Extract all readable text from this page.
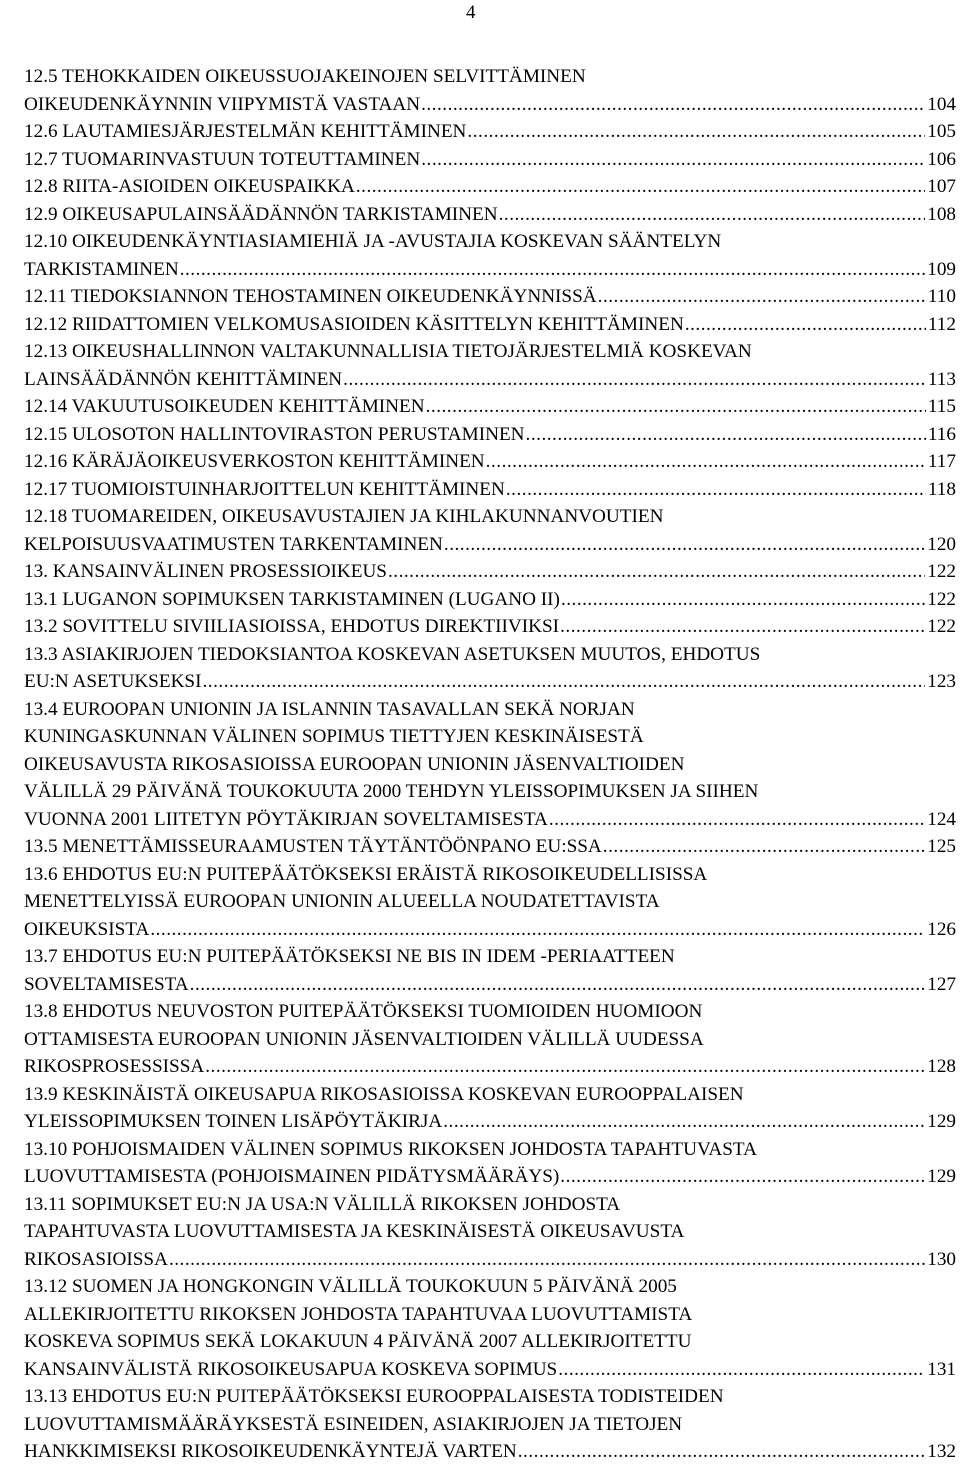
4
12.5 TEHOKKAIDEN OIKEUSSUOJAKEINOJEN SELVITTÄMINEN
OIKEUDENKÄYNNIN VIIPYMISTÄ VASTAAN .....	104
12.6 LAUTAMIESJÄRJESTELMÄN KEHITTÄMINEN .....	105
12.7 TUOMARINVASTUUN TOTEUTTAMINEN .....	106
12.8 RIITA-ASIOIDEN OIKEUSPAIKKA .....	107
12.9 OIKEUSAPULAINSÄÄDÄNNÖN TARKISTAMINEN .....	108
12.10 OIKEUDENKÄYNTIASIAMIEHIÄ JA -AVUSTAJIA KOSKEVAN SÄÄNTELYN
TARKISTAMINEN .....	109
12.11 TIEDOKSIANNON TEHOSTAMINEN OIKEUDENKÄYNNISSÄ .....	110
12.12 RIIDATTOMIEN VELKOMUSASIOIDEN KÄSITTELYN KEHITTÄMINEN .....	112
12.13 OIKEUSHALLINNON VALTAKUNNALLISIA TIETOJÄRJESTELMIÄ KOSKEVAN
LAINSÄÄDÄNNÖN KEHITTÄMINEN .....	113
12.14 VAKUUTUSOIKEUDEN KEHITTÄMINEN .....	115
12.15 ULOSOTON HALLINTOVIRASTON PERUSTAMINEN .....	116
12.16 KÄRÄJÄOIKEUSVERKOSTON KEHITTÄMINEN .....	117
12.17 TUOMIOISTUINHARJOITTELUN KEHITTÄMINEN .....	118
12.18 TUOMAREIDEN, OIKEUSAVUSTAJIEN JA KIHLAKUNNANVOUTIEN
KELPOISUUSVAATIMUSTEN TARKENTAMINEN .....	120
13. KANSAINVÄLINEN PROSESSIOIKEUS .....	122
13.1 LUGANON SOPIMUKSEN TARKISTAMINEN (LUGANO II) .....	122
13.2 SOVITTELU SIVIILIASIOISSA, EHDOTUS DIREKTIIVIKSI .....	122
13.3 ASIAKIRJOJEN TIEDOKSIANTOA KOSKEVAN ASETUKSEN MUUTOS, EHDOTUS
EU:N ASETUKSEKSI .....	123
13.4 EUROOPAN UNIONIN JA ISLANNIN TASAVALLAN SEKÄ NORJAN
KUNINGASKUNNAN VÄLINEN SOPIMUS TIETTYJEN KESKINÄISESTÄ
OIKEUSAVUSTA RIKOSASIOISSA EUROOPAN UNIONIN JÄSENVALTIOIDEN
VÄLILLÄ 29 PÄIVÄNÄ TOUKOKUUTA 2000 TEHDYN YLEISSOPIMUKSEN JA SIIHEN
VUONNA 2001 LIITETYN PÖYTÄKIRJAN SOVELTAMISESTA .....	124
13.5 MENETTÄMISSEURAAMUSTEN TÄYTÄNTÖÖNPANO EU:SSA .....	125
13.6 EHDOTUS EU:N PUITEPÄÄTÖKSEKSI ERÄISTÄ RIKOSOIKEUDELLISISSA
MENETTELYISSÄ EUROOPAN UNIONIN ALUEELLA NOUDATETTAVISTA
OIKEUKSISTA .....	126
13.7 EHDOTUS EU:N PUITEPÄÄTÖKSEKSI NE BIS IN IDEM -PERIAATTEEN
SOVELTAMISESTA .....	127
13.8 EHDOTUS NEUVOSTON PUITEPÄÄTÖKSEKSI TUOMIOIDEN HUOMIOON
OTTAMISESTA EUROOPAN UNIONIN JÄSENVALTIOIDEN VÄLILLÄ UUDESSA
RIKOSPROSESSISSA .....	128
13.9 KESKINÄISTÄ OIKEUSAPUA RIKOSASIOISSA KOSKEVAN EUROOPPALAISEN
YLEISSOPIMUKSEN TOINEN LISÄPÖYTÄKIRJA .....	129
13.10 POHJOISMAIDEN VÄLINEN SOPIMUS RIKOKSEN JOHDOSTA TAPAHTUVASTA
LUOVUTTAMISESTA (POHJOISMAINEN PIDÄTYSMÄÄRÄYS) .....	129
13.11 SOPIMUKSET EU:N JA USA:N VÄLILLÄ RIKOKSEN JOHDOSTA
TAPAHTUVASTA LUOVUTTAMISESTA JA KESKINÄISESTÄ OIKEUSAVUSTA
RIKOSASIOISSA .....	130
13.12 SUOMEN JA HONGKONGIN VÄLILLÄ TOUKOKUUN 5 PÄIVÄNÄ 2005
ALLEKIRJOITETTU RIKOKSEN JOHDOSTA TAPAHTUVAA LUOVUTTAMISTA
KOSKEVA SOPIMUS SEKÄ LOKAKUUN 4 PÄIVÄNÄ 2007 ALLEKIRJOITETTU
KANSAINVÄLISTÄ RIKOSOIKEUSAPUA KOSKEVA SOPIMUS .....	131
13.13 EHDOTUS EU:N PUITEPÄÄTÖKSEKSI EUROOPPALAISESTA TODISTEIDEN
LUOVUTTAMISMÄÄRÄYKSESTÄ ESINEIDEN, ASIAKIRJOJEN JA TIETOJEN
HANKKIMISEKSI RIKOSOIKEUDENKÄYNTEJÄ VARTEN .....	132
